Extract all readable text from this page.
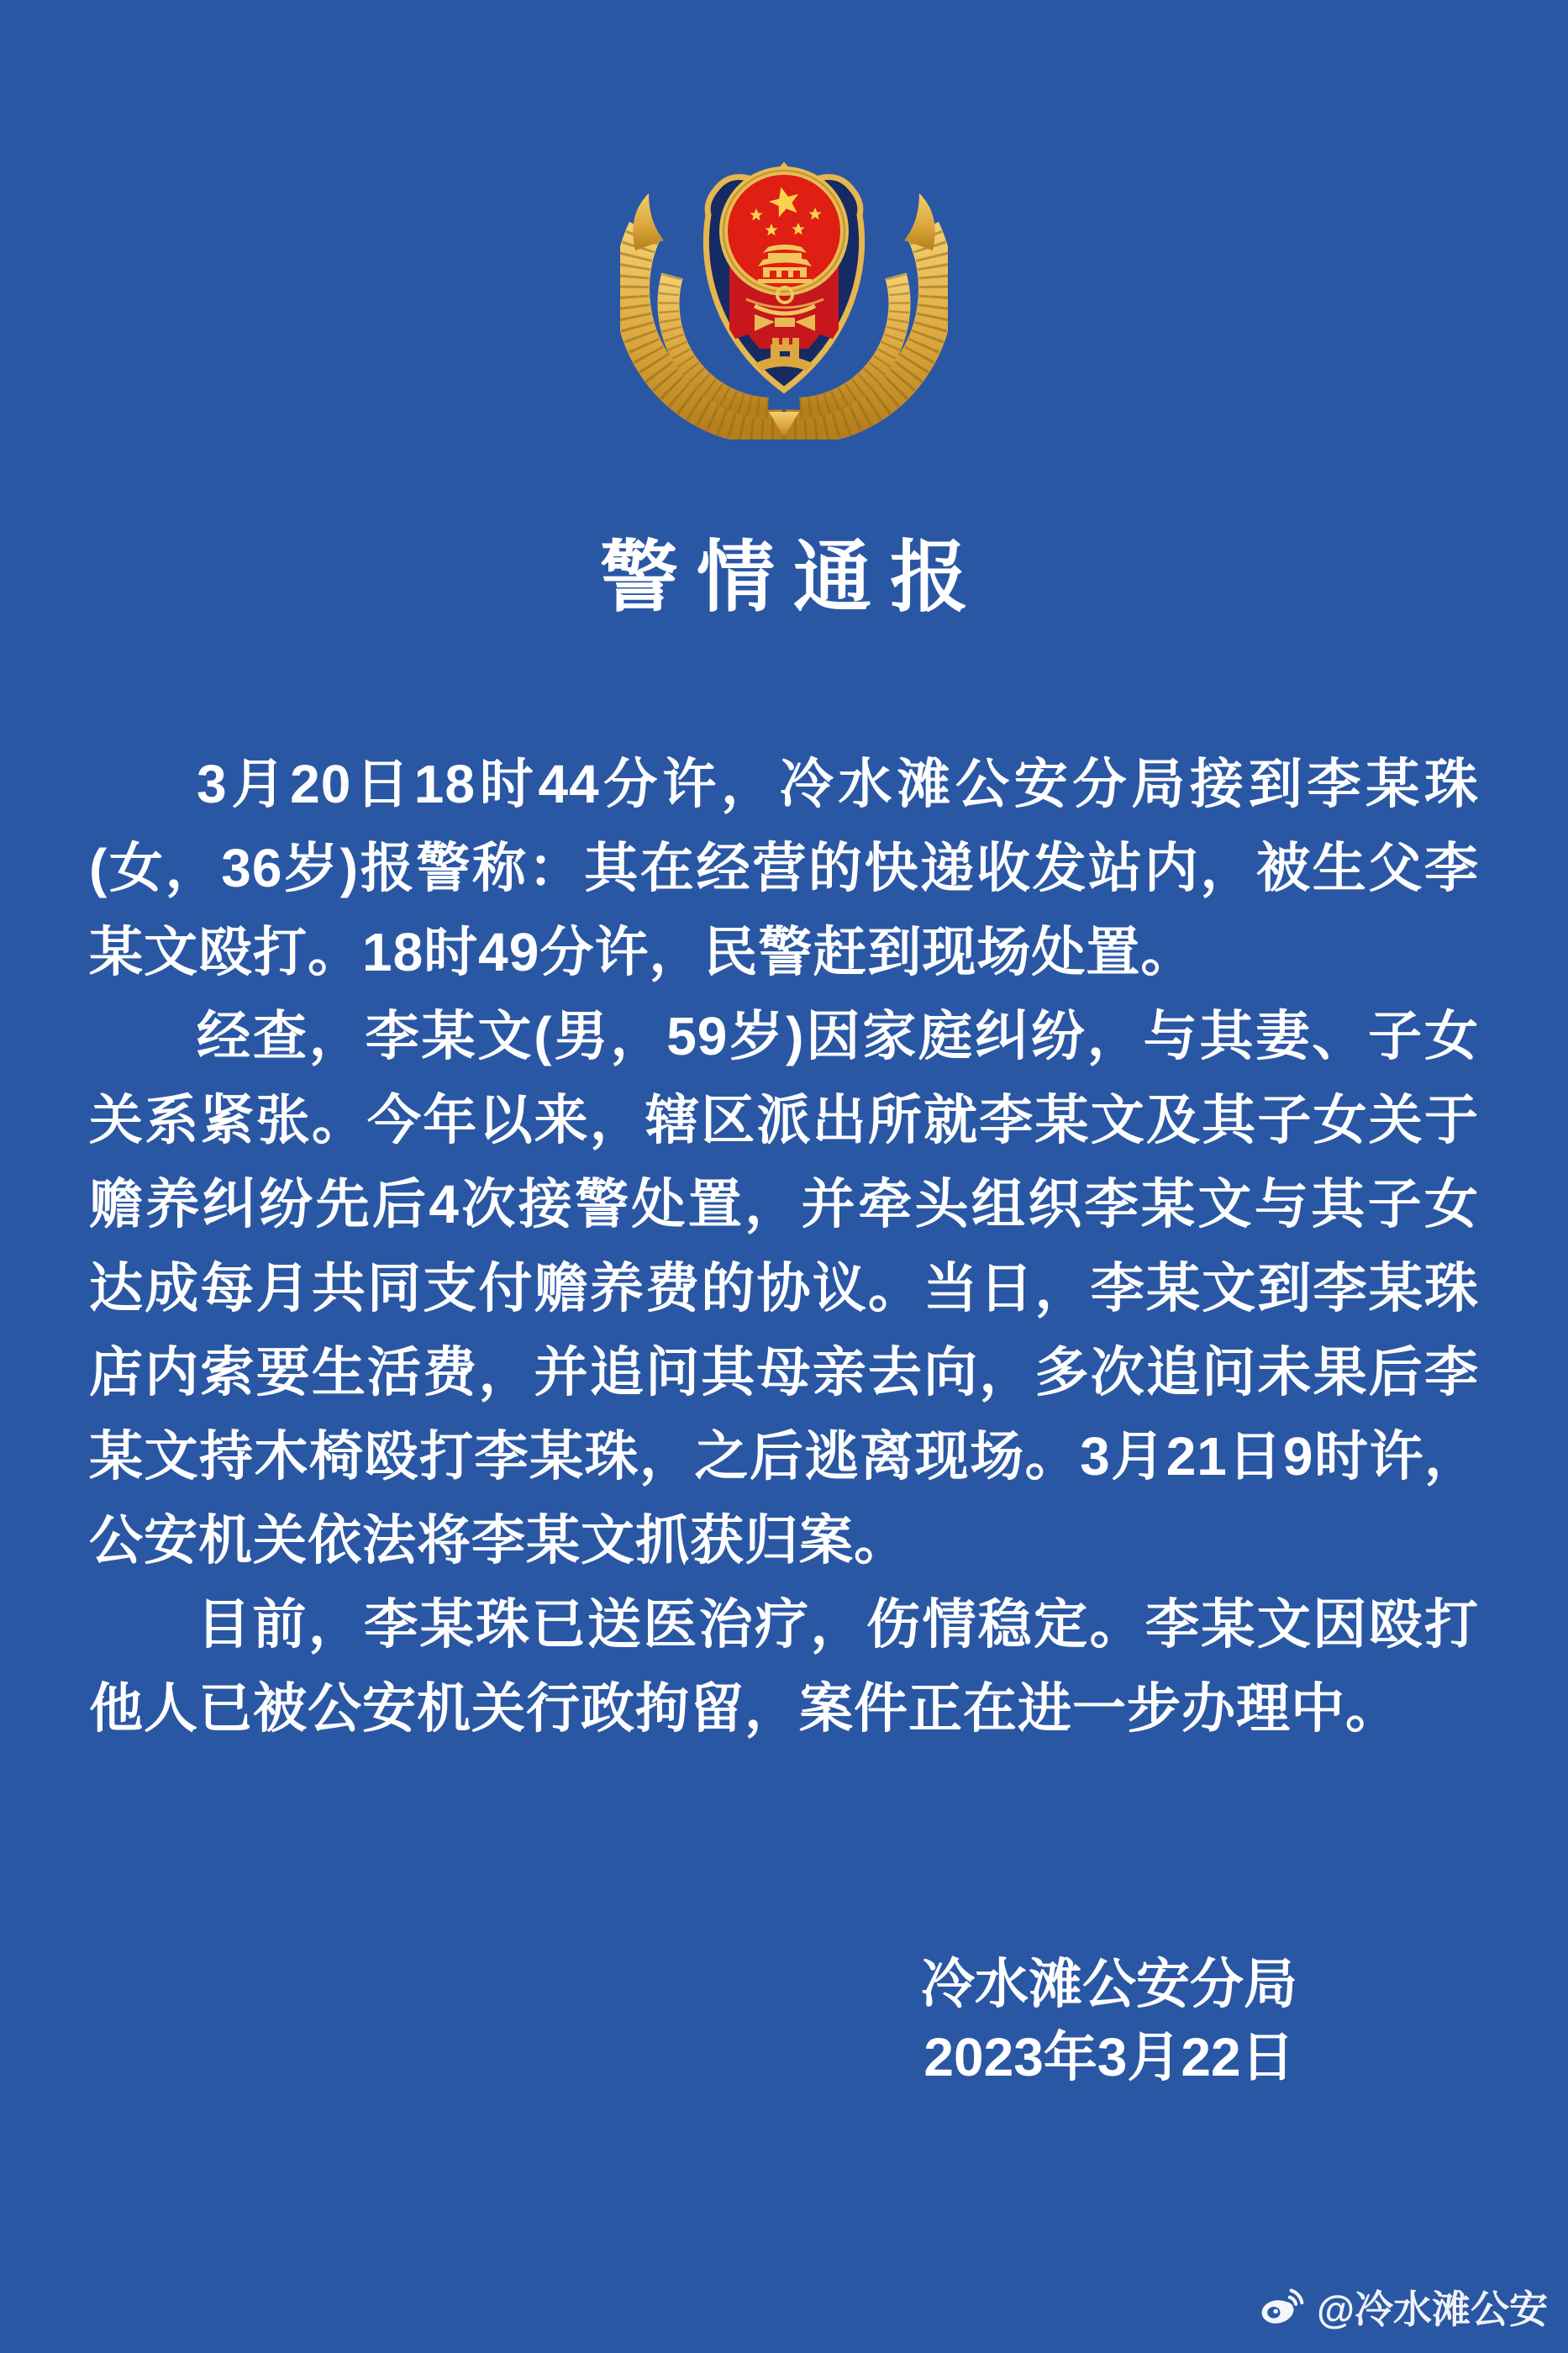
警情通报

3月20日18时44分许，冷水滩公安分局接到李某珠(女，36岁)报警称：其在经营的快递收发站内，被生父李某文殴打。18时49分许，民警赶到现场处置。

经查，李某文(男，59岁)因家庭纠纷，与其妻、子女关系紧张。今年以来，辖区派出所就李某文及其子女关于赡养纠纷先后4次接警处置，并牵头组织李某文与其子女达成每月共同支付赡养费的协议。当日，李某文到李某珠店内索要生活费，并追问其母亲去向，多次追问未果后李某文持木椅殴打李某珠，之后逃离现场。3月21日9时许，公安机关依法将李某文抓获归案。

目前，李某珠已送医治疗，伤情稳定。李某文因殴打他人已被公安机关行政拘留，案件正在进一步办理中。

冷水滩公安分局
2023年3月22日
@冷水滩公安
